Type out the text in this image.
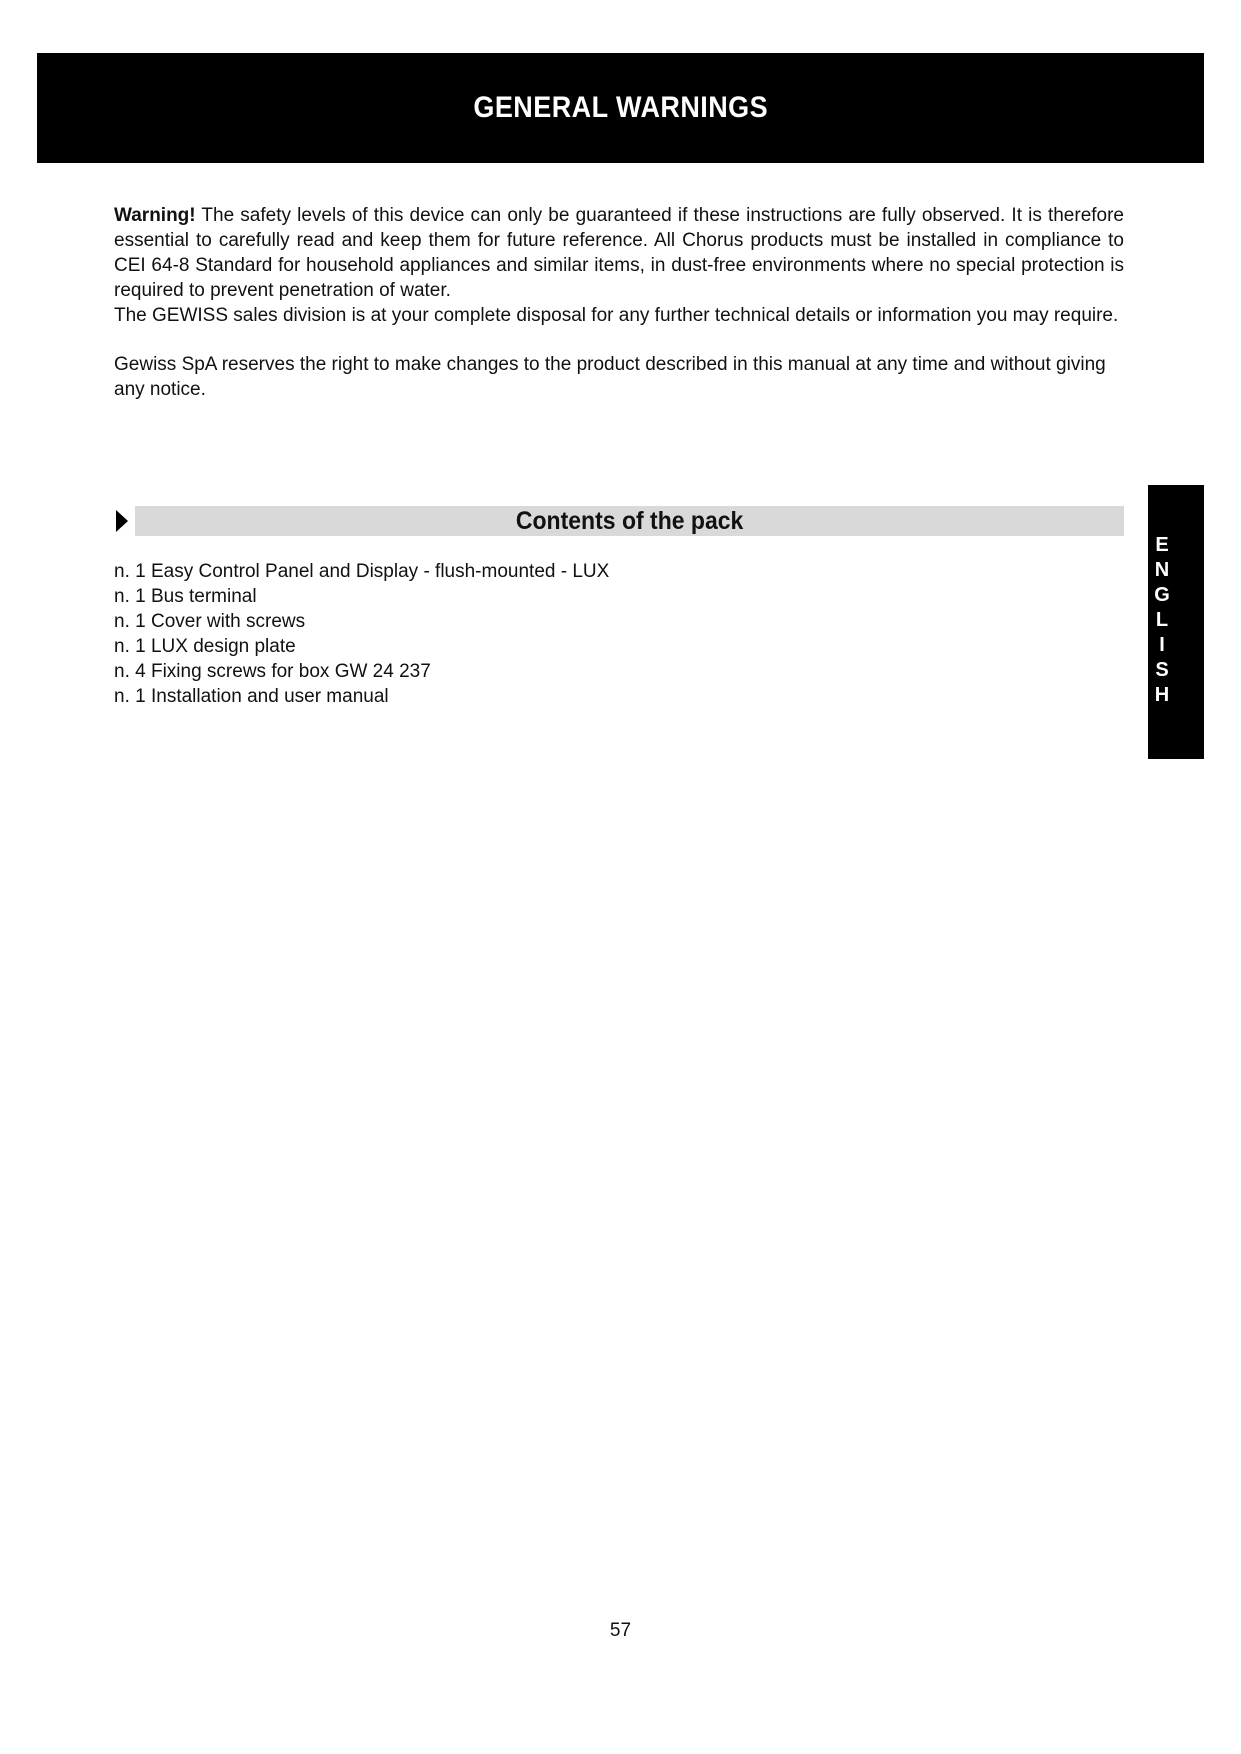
GENERAL WARNINGS

Warning! The safety levels of this device can only be guaranteed if these instructions are fully observed. It is therefore essential to carefully read and keep them for future reference. All Chorus products must be installed in compliance to CEI 64-8 Standard for household appliances and similar items, in dust-free environments where no special protection is required to prevent penetration of water.

The GEWISS sales division is at your complete disposal for any further technical details or information you may require.

Gewiss SpA reserves the right to make changes to the product described in this manual at any time and without giving any notice.

Contents of the pack
n. 1 Easy Control Panel and Display - flush-mounted - LUX
n. 1 Bus terminal
n. 1 Cover with screws
n. 1 LUX design plate
n. 4 Fixing screws for box GW 24 237
n. 1 Installation and user manual
E
N
G
L
I
S
H
57
